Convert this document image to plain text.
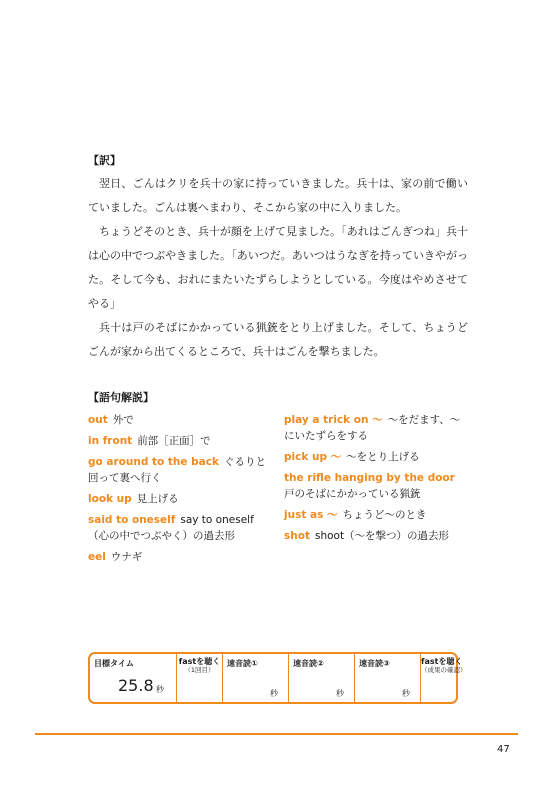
【訳】

翌日、ごんはクリを兵十の家に持っていきました。兵十は、家の前で働いていました。ごんは裏へまわり、そこから家の中に入りました。

ちょうどそのとき、兵十が顔を上げて見ました。「あれはごんぎつね」兵十は心の中でつぶやきました。「あいつだ。あいつはうなぎを持っていきやがった。そして今も、おれにまたいたずらしようとしている。今度はやめさせてやる」

兵十は戸のそばにかかっている猟銃をとり上げました。そして、ちょうどごんが家から出てくるところで、兵十はごんを撃ちました。

【語句解説】
out 外で
in front 前部［正面］で
go around to the back ぐるりと回って裏へ行く
look up 見上げる
said to oneself say to oneself（心の中でつぶやく）の過去形
eel ウナギ
play a trick on ～ ～をだます、～にいたずらをする
pick up ～ ～をとり上げる
the rifle hanging by the door戸のそばにかかっている猟銃
just as ～ ちょうど～のとき
shot shoot（～を撃つ）の過去形
目標タイム
25.8 秒
fastを聴く
（1回目）
速音読①
秒
速音読②
秒
速音読③
秒
fastを聴く
（成果の確認）
47
